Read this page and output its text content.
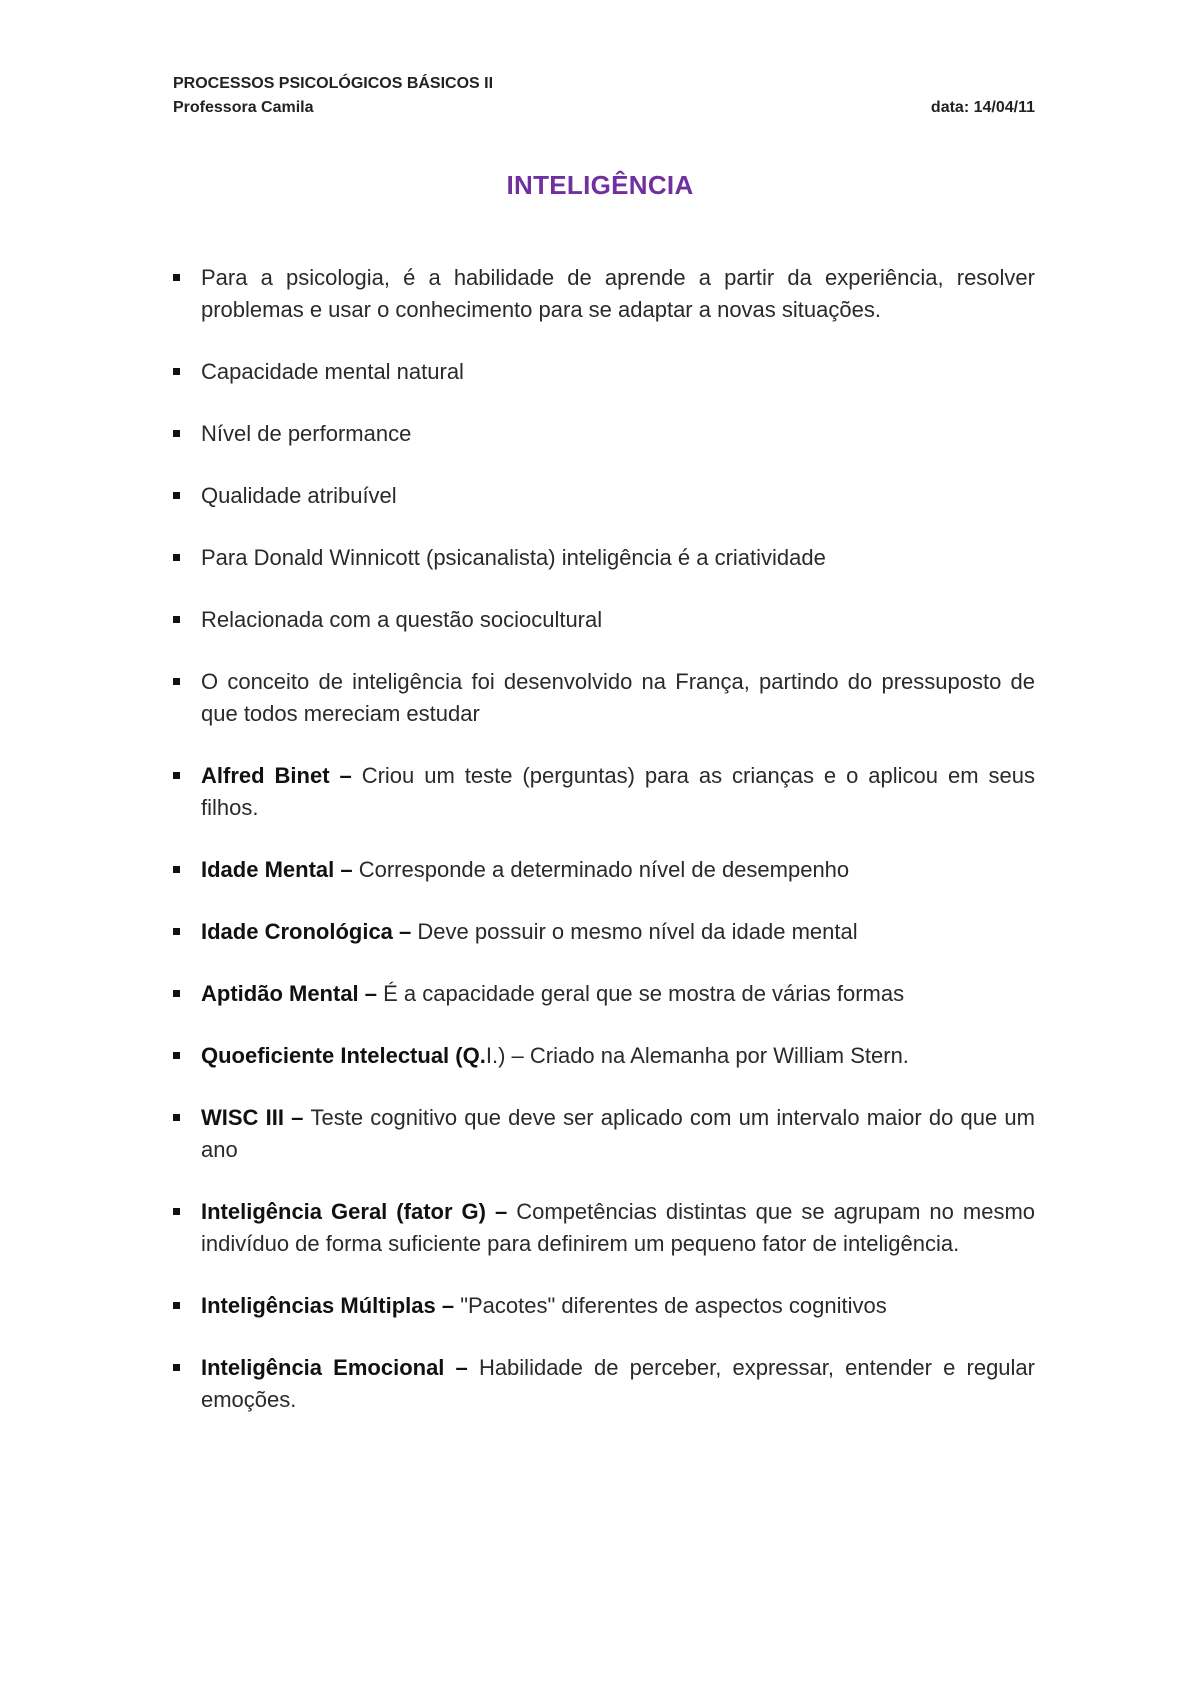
PROCESSOS PSICOLÓGICOS BÁSICOS II
Professora Camila	data: 14/04/11
INTELIGÊNCIA
Para a psicologia, é a habilidade de aprende a partir da experiência, resolver problemas e usar o conhecimento para se adaptar a novas situações.
Capacidade mental natural
Nível de performance
Qualidade atribuível
Para Donald Winnicott (psicanalista) inteligência é a criatividade
Relacionada com a questão sociocultural
O conceito de inteligência foi desenvolvido na França, partindo do pressuposto de que todos mereciam estudar
Alfred Binet – Criou um teste (perguntas) para as crianças e o aplicou em seus filhos.
Idade Mental – Corresponde a determinado nível de desempenho
Idade Cronológica – Deve possuir o mesmo nível da idade mental
Aptidão Mental – É a capacidade geral que se mostra de várias formas
Quoeficiente Intelectual (Q.I.) – Criado na Alemanha por William Stern.
WISC III – Teste cognitivo que deve ser aplicado com um intervalo maior do que um ano
Inteligência Geral (fator G) – Competências distintas que se agrupam no mesmo indivíduo de forma suficiente para definirem um pequeno fator de inteligência.
Inteligências Múltiplas – "Pacotes" diferentes de aspectos cognitivos
Inteligência Emocional – Habilidade de perceber, expressar, entender e regular emoções.
